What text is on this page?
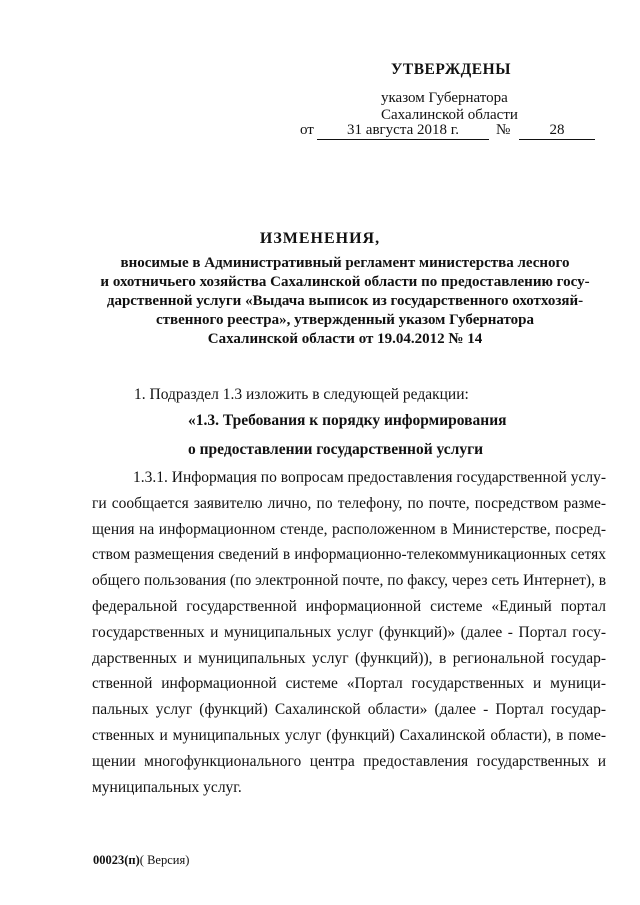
УТВЕРЖДЕНЫ
указом Губернатора
Сахалинской области
от	31 августа 2018 г.	№	28
ИЗМЕНЕНИЯ,
вносимые в Административный регламент министерства лесного
и охотничьего хозяйства Сахалинской области по предоставлению госу-
дарственной услуги «Выдача выписок из государственного охотхозяй-
ственного реестра», утвержденный указом Губернатора
Сахалинской области от 19.04.2012 № 14
1. Подраздел 1.3 изложить в следующей редакции:
«1.3. Требования к порядку информирования
о предоставлении государственной услуги
1.3.1. Информация по вопросам предоставления государственной услу-
ги сообщается заявителю лично, по телефону, по почте, посредством разме-
щения на информационном стенде, расположенном в Министерстве, посред-
ством размещения сведений в информационно-телекоммуникационных сетях
общего пользования (по электронной почте, по факсу, через сеть Интернет), в
федеральной государственной информационной системе «Единый портал
государственных и муниципальных услуг (функций)» (далее - Портал госу-
дарственных и муниципальных услуг (функций)), в региональной государ-
ственной информационной системе «Портал государственных и муници-
пальных услуг (функций) Сахалинской области» (далее - Портал государ-
ственных и муниципальных услуг (функций) Сахалинской области), в поме-
щении многофункционального центра предоставления государственных и
муниципальных услуг.
00023(п)( Версия)
